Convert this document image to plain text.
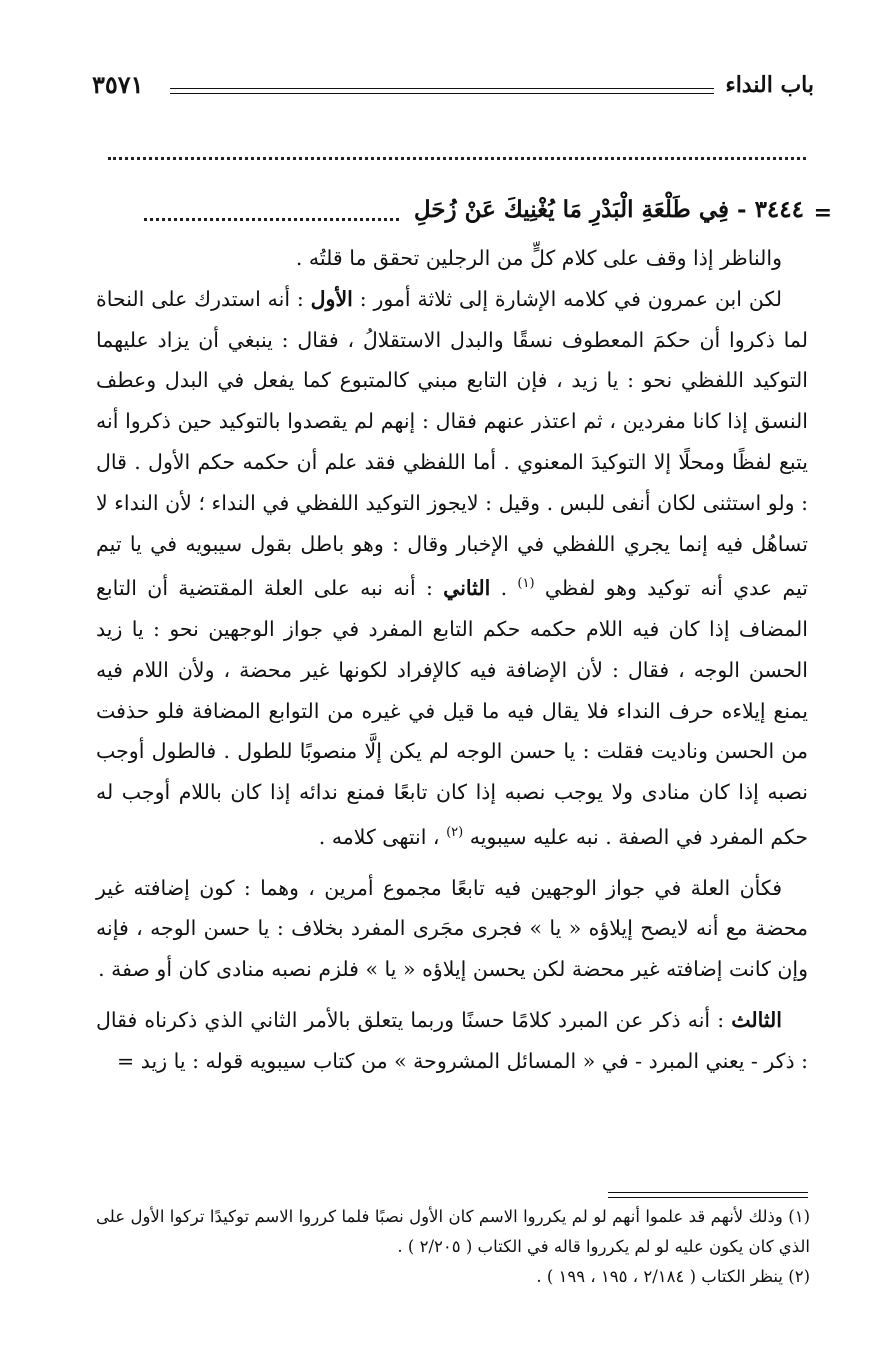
باب النداء
٣٥٧١
=
٣٤٤٤ - فِي طَلْعَةِ الْبَدْرِ مَا يُغْنِيكَ عَنْ زُحَلِ

والناظر إذا وقف على كلام كلٍّ من الرجلين تحقق ما قلتُه .

لكن ابن عمرون في كلامه الإشارة إلى ثلاثة أمور : الأول : أنه استدرك على النحاة لما ذكروا أن حكمَ المعطوف نسقًا والبدل الاستقلالُ ، فقال : ينبغي أن يزاد عليهما التوكيد اللفظي نحو : يا زيد ، فإن التابع مبني كالمتبوع كما يفعل في البدل وعطف النسق إذا كانا مفردين ، ثم اعتذر عنهم فقال : إنهم لم يقصدوا بالتوكيد حين ذكروا أنه يتبع لفظًا ومحلًا إلا التوكيدَ المعنوي . أما اللفظي فقد علم أن حكمه حكم الأول . قال : ولو استثنى لكان أنفى للبس . وقيل : لايجوز التوكيد اللفظي في النداء ؛ لأن النداء لا تساهُل فيه إنما يجري اللفظي في الإخبار وقال : وهو باطل بقول سيبويه في يا تيم تيم عدي أنه توكيد وهو لفظي $^{(١)}$ . الثاني : أنه نبه على العلة المقتضية أن التابع المضاف إذا كان فيه اللام حكمه حكم التابع المفرد في جواز الوجهين نحو : يا زيد الحسن الوجه ، فقال : لأن الإضافة فيه كالإفراد لكونها غير محضة ، ولأن اللام فيه يمنع إيلاءه حرف النداء فلا يقال فيه ما قيل في غيره من التوابع المضافة فلو حذفت من الحسن وناديت فقلت : يا حسن الوجه لم يكن إلَّا منصوبًا للطول . فالطول أوجب نصبه إذا كان منادى ولا يوجب نصبه إذا كان تابعًا فمنع ندائه إذا كان باللام أوجب له حكم المفرد في الصفة . نبه عليه سيبويه $^{(٢)}$ ، انتهى كلامه .

فكأن العلة في جواز الوجهين فيه تابعًا مجموع أمرين ، وهما : كون إضافته غير محضة مع أنه لايصح إيلاؤه « يا » فجرى مجَرى المفرد بخلاف : يا حسن الوجه ، فإنه وإن كانت إضافته غير محضة لكن يحسن إيلاؤه « يا » فلزم نصبه منادى كان أو صفة .

الثالث : أنه ذكر عن المبرد كلامًا حسنًا وربما يتعلق بالأمر الثاني الذي ذكرناه فقال : ذكر - يعني المبرد - في « المسائل المشروحة » من كتاب سيبويه قوله : يا زيد =

(١) وذلك لأنهم قد علموا أنهم لو لم يكرروا الاسم كان الأول نصبًا فلما كرروا الاسم توكيدًا تركوا الأول على الذي كان يكون عليه لو لم يكرروا قاله في الكتاب ( ٢/٢٠٥ ) .

(٢) ينظر الكتاب ( ٢/١٨٤ ، ١٩٥ ، ١٩٩ ) .
